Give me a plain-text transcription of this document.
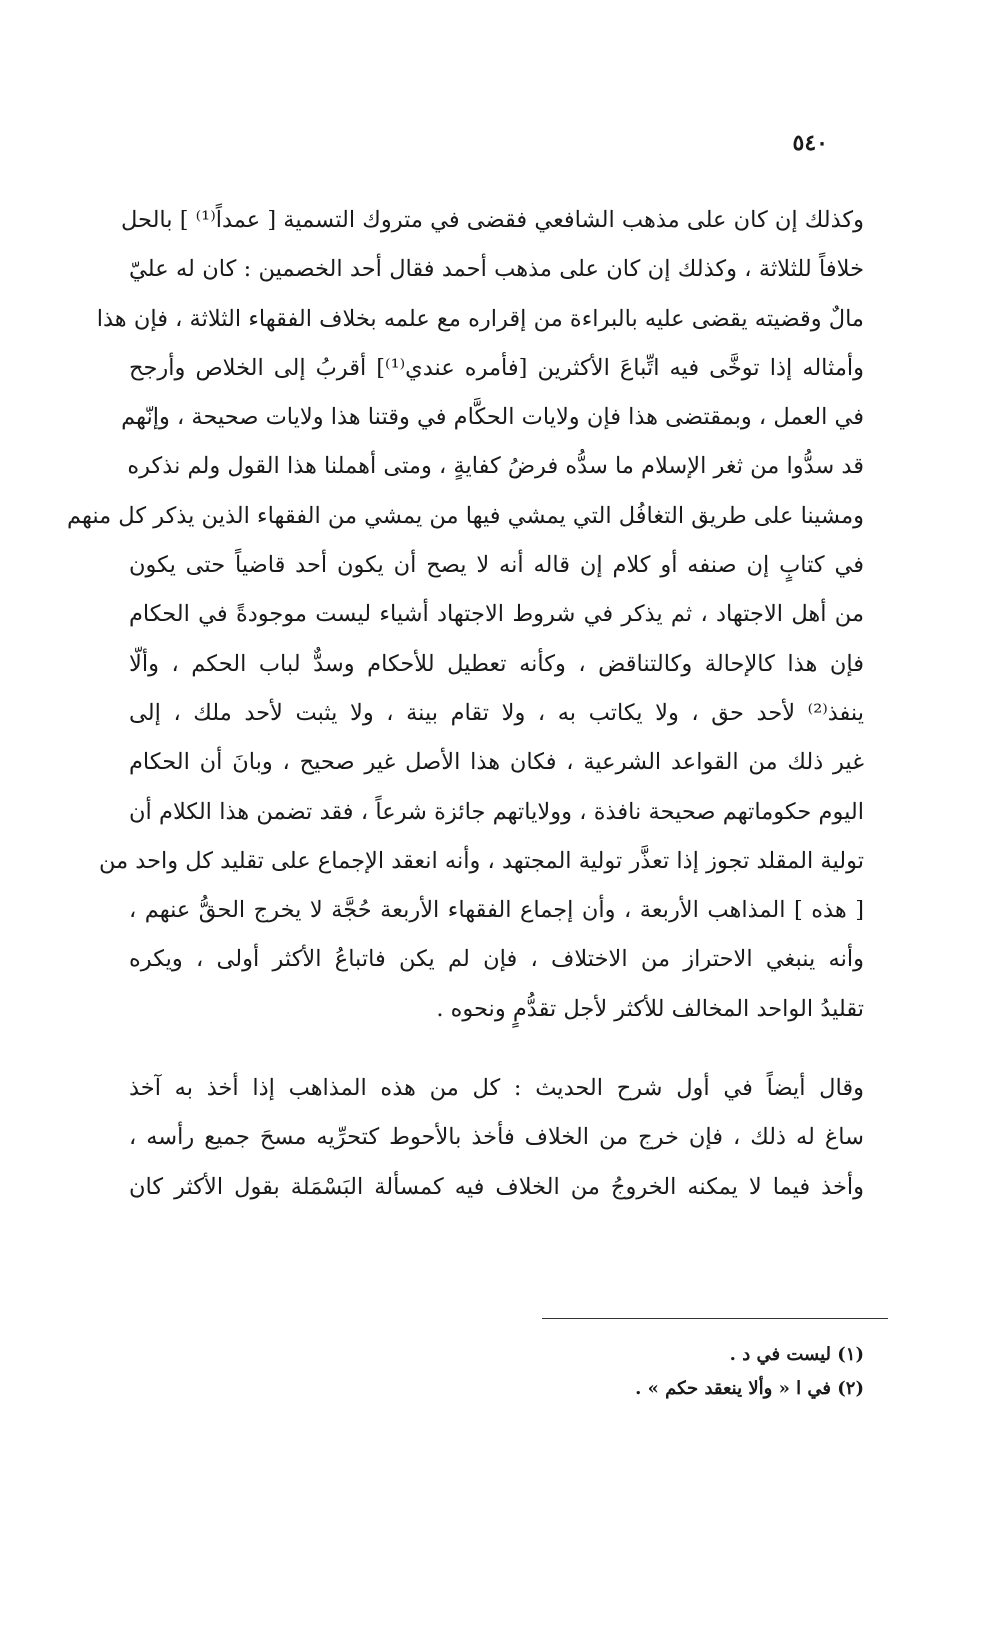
٥٤٠
وكذلك إن كان على مذهب الشافعي فقضى في متروك التسمية [ عمداً⁽¹⁾ ] بالحل
خلافاً للثلاثة ، وكذلك إن كان على مذهب أحمد فقال أحد الخصمين : كان له عليّ
مالٌ وقضيته يقضى عليه بالبراءة من إقراره مع علمه بخلاف الفقهاء الثلاثة ، فإن هذا
وأمثاله إذا توخَّى فيه اتِّباعَ الأكثرين [فأمره عندي⁽¹⁾] أقربُ إلى الخلاص وأرجح
في العمل ، وبمقتضى هذا فإن ولايات الحكَّام في وقتنا هذا ولايات صحيحة ، وإنّهم
قد سدُّوا من ثغر الإسلام ما سدُّه فرضُ كفايةٍ ، ومتى أهملنا هذا القول ولم نذكره
ومشينا على طريق التغافُل التي يمشي فيها من يمشي من الفقهاء الذين يذكر كل منهم
في كتابٍ إن صنفه أو كلام إن قاله أنه لا يصح أن يكون أحد قاضياً حتى يكون
من أهل الاجتهاد ، ثم يذكر في شروط الاجتهاد أشياء ليست موجودةً في الحكام
فإن هذا كالإحالة وكالتناقض ، وكأنه تعطيل للأحكام وسدٌّ لباب الحكم ، وألّا
ينفذ⁽²⁾ لأحد حق ، ولا يكاتب به ، ولا تقام بينة ، ولا يثبت لأحد ملك ، إلى
غير ذلك من القواعد الشرعية ، فكان هذا الأصل غير صحيح ، وبانَ أن الحكام
اليوم حكوماتهم صحيحة نافذة ، وولاياتهم جائزة شرعاً ، فقد تضمن هذا الكلام أن
تولية المقلد تجوز إذا تعذَّر تولية المجتهد ، وأنه انعقد الإجماع على تقليد كل واحد من
[ هذه ] المذاهب الأربعة ، وأن إجماع الفقهاء الأربعة حُجَّة لا يخرج الحقُّ عنهم ،
وأنه ينبغي الاحتراز من الاختلاف ، فإن لم يكن فاتباعُ الأكثر أولى ، ويكره
تقليدُ الواحد المخالف للأكثر لأجل تقدُّمٍ ونحوه .
وقال أيضاً في أول شرح الحديث : كل من هذه المذاهب إذا أخذ به آخذ
ساغ له ذلك ، فإن خرج من الخلاف فأخذ بالأحوط كتحرِّيه مسحَ جميع رأسه ،
وأخذ فيما لا يمكنه الخروجُ من الخلاف فيه كمسألة البَسْمَلة بقول الأكثر كان
(١) ليست في د .
(٢) في ا « وألا ينعقد حكم » .
